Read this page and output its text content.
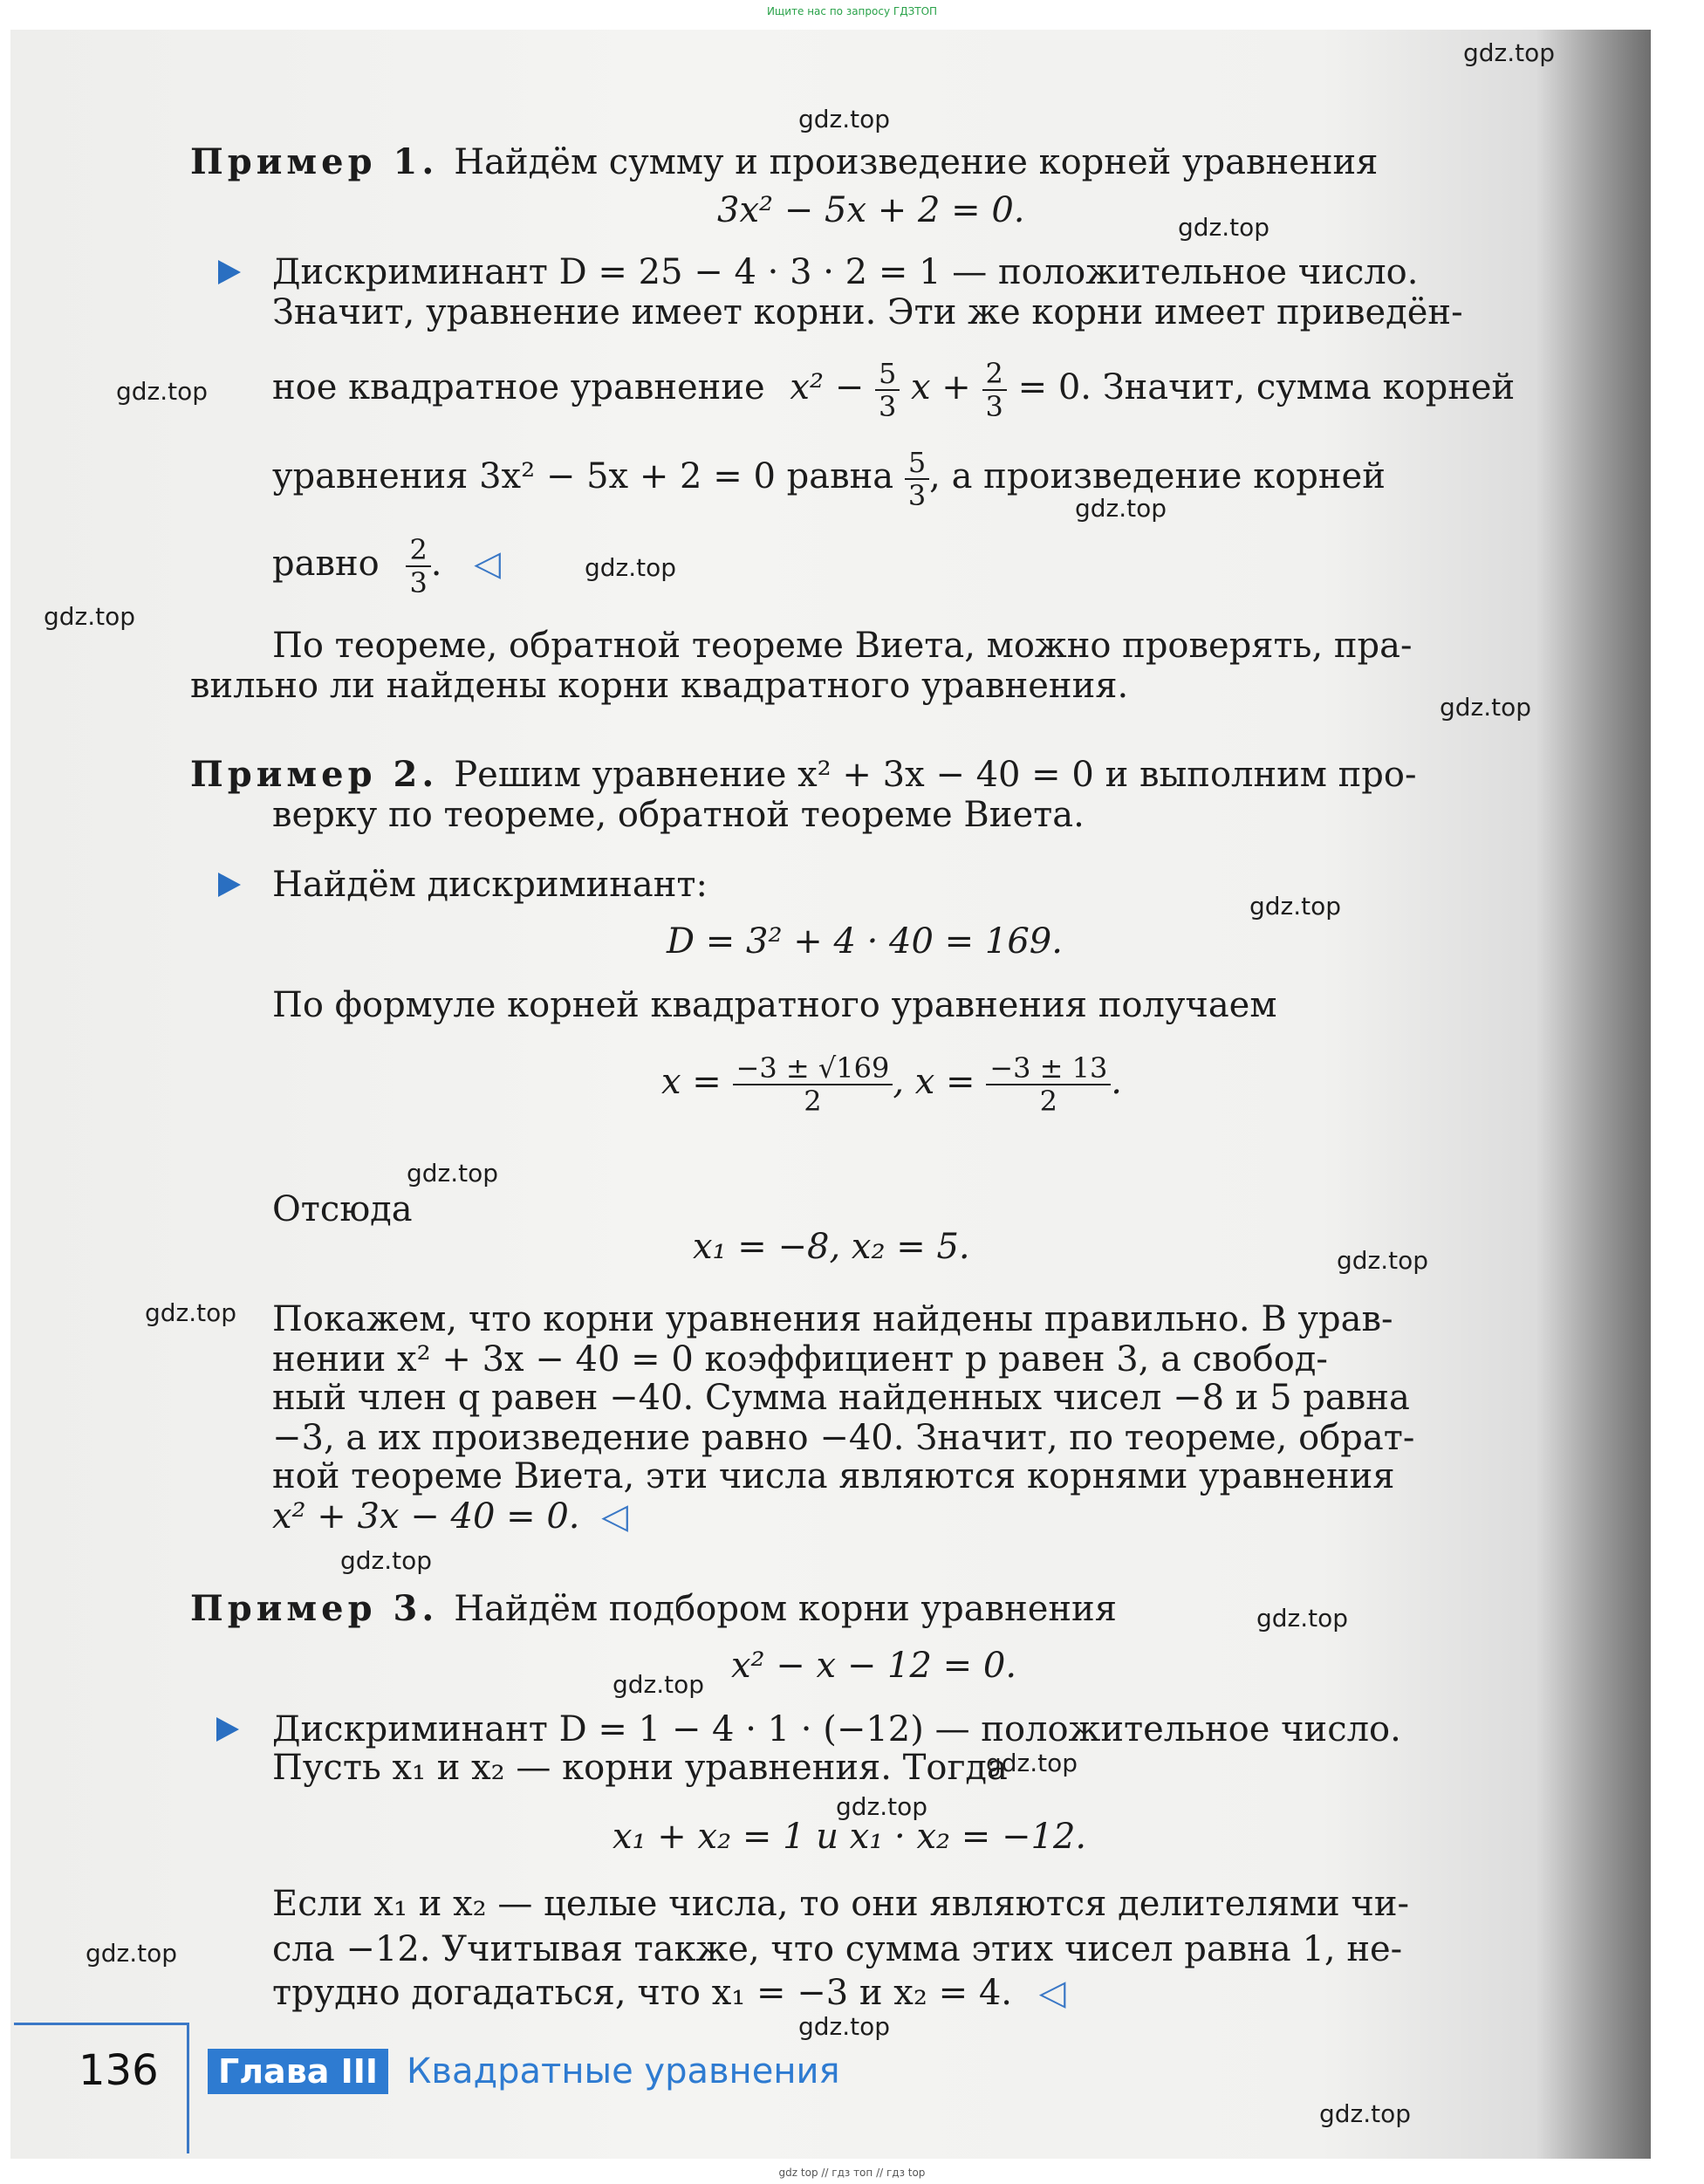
Ищите нас по запросу ГДЗТОП
gdz.top
gdz.top
gdz.top
gdz.top
gdz.top
gdz.top
gdz.top
gdz.top
gdz.top
gdz.top
gdz.top
gdz.top
gdz.top
gdz.top
gdz.top
gdz.top
gdz.top
gdz.top
gdz.top
gdz.top
Пример 1. Найдём сумму и произведение корней уравнения
3x² − 5x + 2 = 0.
Дискриминант D = 25 − 4 · 3 · 2 = 1 — положительное число.
Значит, уравнение имеет корни. Эти же корни имеет приведён-
ное квадратное уравнение $x^2 - \frac{5}{3}$ $x + \frac{2}{3} = 0$. Значит, сумма корней
уравнения 3x² − 5x + 2 = 0 равна $\frac{5}{3}$ , а произведение корней
равно $\frac{2}{3}$ . ◁
По теореме, обратной теореме Виета, можно проверять, пра-
вильно ли найдены корни квадратного уравнения.
Пример 2. Решим уравнение x² + 3x − 40 = 0 и выполним про-
верку по теореме, обратной теореме Виета.
Найдём дискриминант:
D = 3² + 4 · 40 = 169.
По формуле корней квадратного уравнения получаем
$x = \frac{-3 \pm √169}{2}$ , $x = \frac{-3 \pm 13}{2}$ .
Отсюда
x₁ = −8, x₂ = 5.
Покажем, что корни уравнения найдены правильно. В урав-
нении x² + 3x − 40 = 0 коэффициент p равен 3, а свобод-
ный член q равен −40. Сумма найденных чисел −8 и 5 равна
−3, а их произведение равно −40. Значит, по теореме, обрат-
ной теореме Виета, эти числа являются корнями уравнения
x² + 3x − 40 = 0. ◁
Пример 3. Найдём подбором корни уравнения
x² − x − 12 = 0.
Дискриминант D = 1 − 4 · 1 · (−12) — положительное число.
Пусть x₁ и x₂ — корни уравнения. Тогда
x₁ + x₂ = 1 и x₁ · x₂ = −12.
Если x₁ и x₂ — целые числа, то они являются делителями чи-
сла −12. Учитывая также, что сумма этих чисел равна 1, не-
трудно догадаться, что x₁ = −3 и x₂ = 4. ◁
136	Глава III Квадратные уравнения
gdz top // гдз топ // гдз top
